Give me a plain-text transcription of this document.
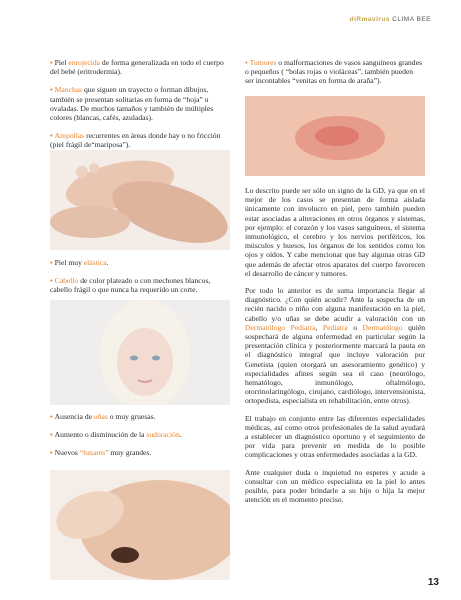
diRmavirus CLIMA BEE
• Piel enrojecida de forma generalizada en todo el cuerpo del bebé (eritrodermia).
• Manchas que siguen un trayecto o forman dibujos, también se presentan solitarias en forma de “hoja” u ovaladas. De muchos tamaños y también de múltiples colores (blancas, cafés, azuladas).
• Ampollas recurrentes en áreas donde hay o no fricción (piel frágil de“mariposa”).
• Piel muy elástica.
• Cabello de color plateado o con mechones blancos, cabello frágil o que nunca ha requerido un corte.
• Ausencia de uñas o muy gruesas.
• Aumento o disminución de la sudoración.
• Nuevos “lunares” muy grandes.
• Tumores o malformaciones de vasos sanguíneos grandes o pequeños ( “bolas rojas o violáceas”, también pueden ser incontables “venitas en forma de araña”).

Lo descrito puede ser sólo un signo de la GD, ya que en el mejor de los casos se presentan de forma aislada únicamente con involucro en piel, pero también pueden estar asociadas a alteraciones en otros órganos y sistemas, por ejemplo: el corazón y los vasos sanguíneos, el sistema inmunológico, el cerebro y los nervios periféricos, los músculos y huesos, los órganos de los sentidos como los ojos y oídos. Y cabe mencionar que hay algunas otras GD que además de afectar otros aparatos del cuerpo favorecen el desarrollo de cáncer y tumores.

Por todo lo anterior es de suma importancia llegar al diagnóstico. ¿Con quién acudir? Ante la sospecha de un recién nacido o niño con alguna manifestación en la piel, cabello y/o uñas se debe acudir a valoración con un Dermatólogo Pediatra, Pediatra o Dermatólogo quién sospechará de alguna enfermedad en particular según la presentación clínica y posteriormente marcará la pauta en el diagnóstico integral que incluye valoración por Genetista (quien otorgará un asesoramiento genético) y especialidades afines según sea el caso (neurólogo, hematólogo, inmunólogo, oftalmólogo, otorrinolaringólogo, cirujano, cardiólogo, intervensionista, ortopedista, especialista en rehabilitación, entre otros).

El trabajo en conjunto entre las diferentes especialidades médicas, así como otros profesionales de la salud ayudará a establecer un diagnóstico oportuno y el seguimiento de por vida para prevenir en medida de lo posible complicaciones y otras enfermedades asociadas a la GD.

Ante cualquier duda o inquietud no esperes y acude a consultar con un médico especialista en la piel lo antes posible, para poder brindarle a su hijo o hija la mejor atención en el momento preciso.

13
